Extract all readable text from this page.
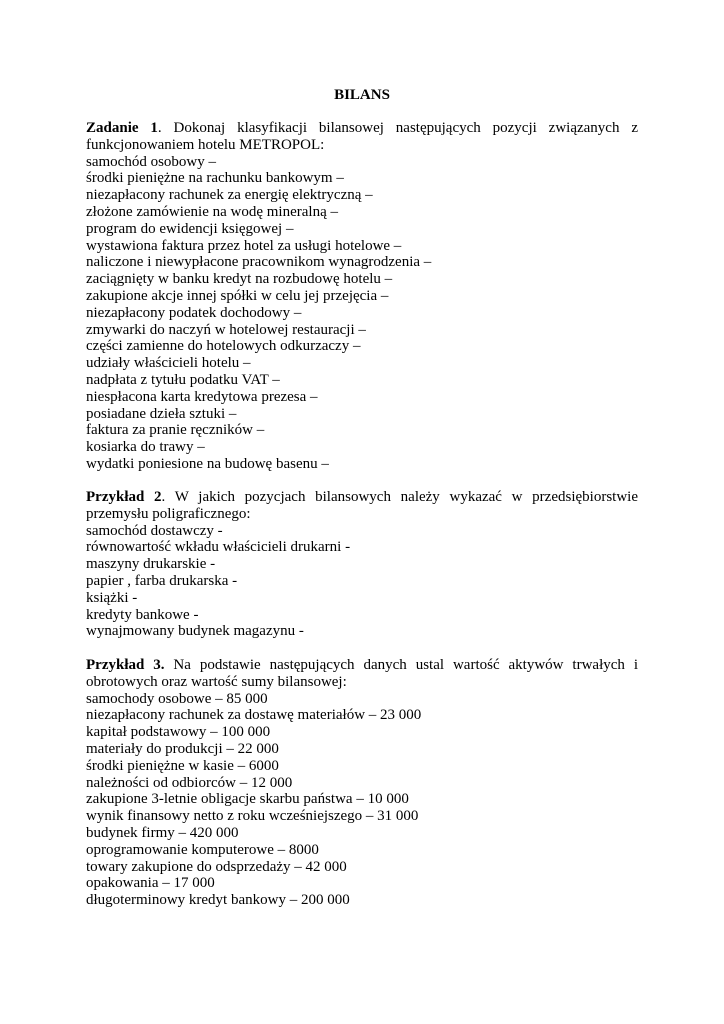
BILANS

Zadanie 1. Dokonaj klasyfikacji bilansowej następujących pozycji związanych z funkcjonowaniem hotelu METROPOL:

samochód osobowy –
środki pieniężne na rachunku bankowym –
niezapłacony rachunek za energię elektryczną –
złożone zamówienie na wodę mineralną –
program do ewidencji księgowej –
wystawiona faktura przez hotel za usługi hotelowe –
naliczone i niewypłacone pracownikom wynagrodzenia –
zaciągnięty w banku kredyt na rozbudowę hotelu –
zakupione akcje innej spółki w celu jej przejęcia –
niezapłacony podatek dochodowy –
zmywarki do naczyń w hotelowej restauracji –
części zamienne do hotelowych odkurzaczy –
udziały właścicieli hotelu –
nadpłata z tytułu podatku VAT –
niespłacona karta kredytowa prezesa –
posiadane dzieła sztuki –
faktura za pranie ręczników –
kosiarka do trawy –
wydatki poniesione na budowę basenu –

Przykład 2. W jakich pozycjach bilansowych należy wykazać w przedsiębiorstwie przemysłu poligraficznego:

samochód dostawczy -
równowartość wkładu właścicieli drukarni -
maszyny drukarskie -
papier , farba drukarska -
książki -
kredyty bankowe -
wynajmowany budynek magazynu -

Przykład 3. Na podstawie następujących danych ustal wartość aktywów trwałych i obrotowych oraz wartość sumy bilansowej:

samochody osobowe – 85 000
niezapłacony rachunek za dostawę materiałów – 23 000
kapitał podstawowy – 100 000
materiały do produkcji – 22 000
środki pieniężne w kasie – 6000
należności od odbiorców – 12 000
zakupione 3-letnie obligacje skarbu państwa – 10 000
wynik finansowy netto z roku wcześniejszego – 31 000
budynek firmy – 420 000
oprogramowanie komputerowe – 8000
towary zakupione do odsprzedaży – 42 000
opakowania – 17 000
długoterminowy kredyt bankowy – 200 000
